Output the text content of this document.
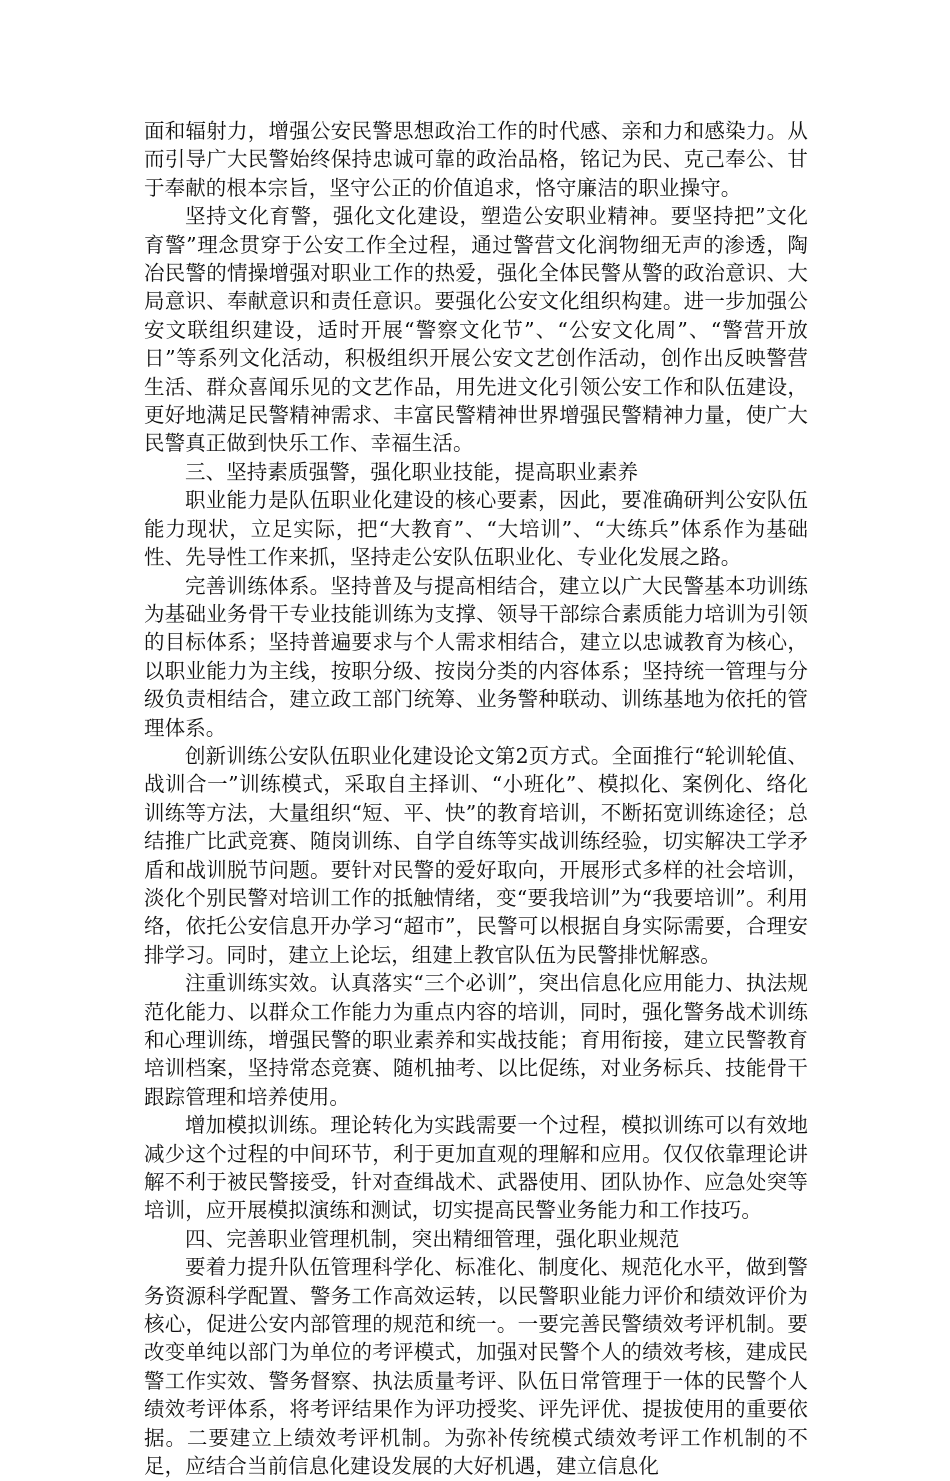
面和辐射力，增强公安民警思想政治工作的时代感、亲和力和感染力。从而引导广大民警始终保持忠诚可靠的政治品格，铭记为民、克己奉公、甘于奉献的根本宗旨，坚守公正的价值追求，恪守廉洁的职业操守。

坚持文化育警，强化文化建设，塑造公安职业精神。要坚持把”文化育警”理念贯穿于公安工作全过程，通过警营文化润物细无声的渗透，陶冶民警的情操增强对职业工作的热爱，强化全体民警从警的政治意识、大局意识、奉献意识和责任意识。要强化公安文化组织构建。进一步加强公安文联组织建设，适时开展“警察文化节”、“公安文化周”、“警营开放日”等系列文化活动，积极组织开展公安文艺创作活动，创作出反映警营生活、群众喜闻乐见的文艺作品，用先进文化引领公安工作和队伍建设，更好地满足民警精神需求、丰富民警精神世界增强民警精神力量，使广大民警真正做到快乐工作、幸福生活。

三、坚持素质强警，强化职业技能，提高职业素养

职业能力是队伍职业化建设的核心要素，因此，要准确研判公安队伍能力现状，立足实际，把“大教育”、“大培训”、“大练兵”体系作为基础性、先导性工作来抓，坚持走公安队伍职业化、专业化发展之路。

完善训练体系。坚持普及与提高相结合，建立以广大民警基本功训练为基础业务骨干专业技能训练为支撑、领导干部综合素质能力培训为引领的目标体系；坚持普遍要求与个人需求相结合，建立以忠诚教育为核心，以职业能力为主线，按职分级、按岗分类的内容体系；坚持统一管理与分级负责相结合，建立政工部门统筹、业务警种联动、训练基地为依托的管理体系。

创新训练公安队伍职业化建设论文第2页方式。全面推行“轮训轮值、战训合一”训练模式，采取自主择训、“小班化”、模拟化、案例化、络化训练等方法，大量组织“短、平、快”的教育培训，不断拓宽训练途径；总结推广比武竞赛、随岗训练、自学自练等实战训练经验，切实解决工学矛盾和战训脱节问题。要针对民警的爱好取向，开展形式多样的社会培训，淡化个别民警对培训工作的抵触情绪，变“要我培训”为“我要培训”。利用络，依托公安信息开办学习“超市”，民警可以根据自身实际需要，合理安排学习。同时，建立上论坛，组建上教官队伍为民警排忧解惑。

注重训练实效。认真落实“三个必训”，突出信息化应用能力、执法规范化能力、以群众工作能力为重点内容的培训，同时，强化警务战术训练和心理训练，增强民警的职业素养和实战技能；育用衔接，建立民警教育培训档案，坚持常态竞赛、随机抽考、以比促练，对业务标兵、技能骨干跟踪管理和培养使用。

增加模拟训练。理论转化为实践需要一个过程，模拟训练可以有效地减少这个过程的中间环节，利于更加直观的理解和应用。仅仅依靠理论讲解不利于被民警接受，针对查缉战术、武器使用、团队协作、应急处突等培训，应开展模拟演练和测试，切实提高民警业务能力和工作技巧。

四、完善职业管理机制，突出精细管理，强化职业规范

要着力提升队伍管理科学化、标准化、制度化、规范化水平，做到警务资源科学配置、警务工作高效运转，以民警职业能力评价和绩效评价为核心，促进公安内部管理的规范和统一。一要完善民警绩效考评机制。要改变单纯以部门为单位的考评模式，加强对民警个人的绩效考核，建成民警工作实效、警务督察、执法质量考评、队伍日常管理于一体的民警个人绩效考评体系，将考评结果作为评功授奖、评先评优、提拔使用的重要依据。二要建立上绩效考评机制。为弥补传统模式绩效考评工作机制的不足，应结合当前信息化建设发展的大好机遇，建立信息化
